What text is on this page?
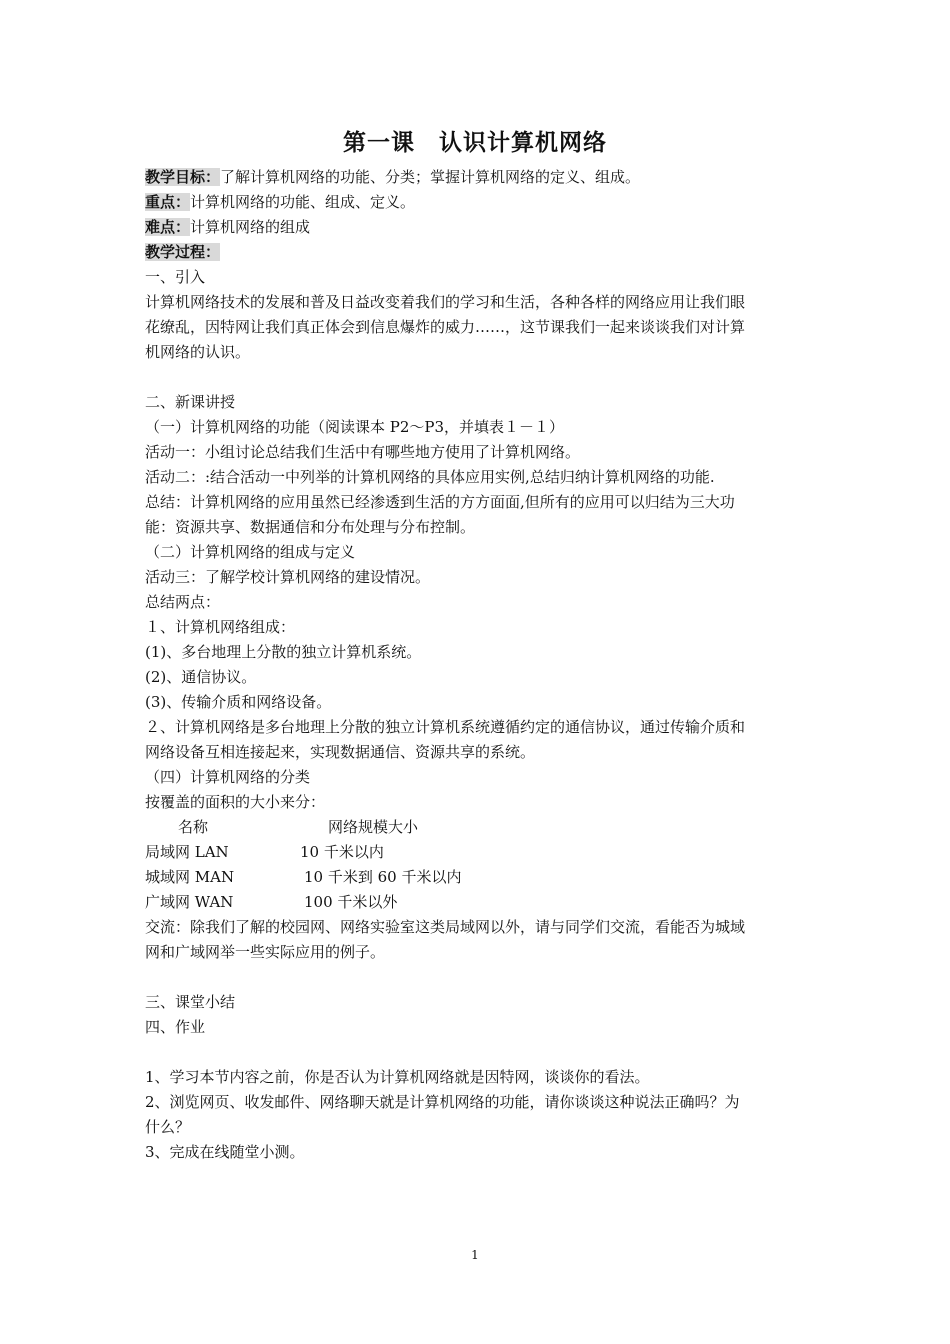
第一课　认识计算机网络
教学目标：了解计算机网络的功能、分类；掌握计算机网络的定义、组成。
重点：计算机网络的功能、组成、定义。
难点：计算机网络的组成
教学过程：
一、引入
计算机网络技术的发展和普及日益改变着我们的学习和生活，各种各样的网络应用让我们眼
花缭乱，因特网让我们真正体会到信息爆炸的威力……，这节课我们一起来谈谈我们对计算
机网络的认识。
二、新课讲授
（一）计算机网络的功能（阅读课本 P2～P3，并填表１－１）
活动一：小组讨论总结我们生活中有哪些地方使用了计算机网络。
活动二：:结合活动一中列举的计算机网络的具体应用实例,总结归纳计算机网络的功能.
总结：计算机网络的应用虽然已经渗透到生活的方方面面,但所有的应用可以归结为三大功
能：资源共享、数据通信和分布处理与分布控制。
（二）计算机网络的组成与定义
活动三：了解学校计算机网络的建设情况。
总结两点：
１、计算机网络组成：
(1)、多台地理上分散的独立计算机系统。
(2)、通信协议。
(3)、传输介质和网络设备。
２、计算机网络是多台地理上分散的独立计算机系统遵循约定的通信协议，通过传输介质和
网络设备互相连接起来，实现数据通信、资源共享的系统。
（四）计算机网络的分类
按覆盖的面积的大小来分：
名称	网络规模大小
局域网 LAN	10 千米以内
城域网 MAN	10 千米到 60 千米以内
广域网 WAN	100 千米以外
交流：除我们了解的校园网、网络实验室这类局域网以外，请与同学们交流，看能否为城域
网和广域网举一些实际应用的例子。
三、课堂小结
四、作业
1、学习本节内容之前，你是否认为计算机网络就是因特网，谈谈你的看法。
2、浏览网页、收发邮件、网络聊天就是计算机网络的功能，请你谈谈这种说法正确吗？为
什么？
3、完成在线随堂小测。
1
